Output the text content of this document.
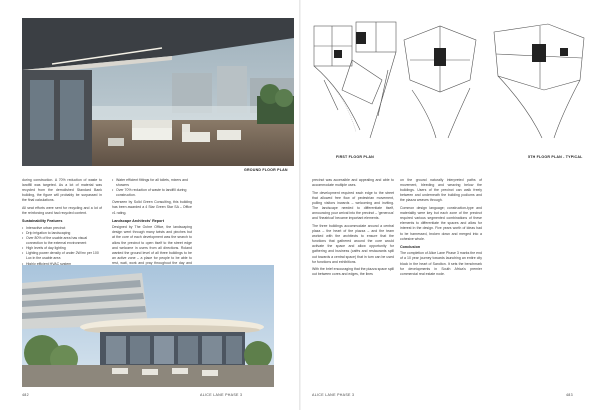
during construction. A 70% reduction of waste to landfill was targeted. As a lot of material was recycled from the demolished Standard Bank building, the figure will probably be surpassed in the final calculations.

All seat efforts were sent for recycling and a lot of the reinforcing used had recycled content.

Sustainability Features
• Interactive urban precinct
• Drip irrigation to landscaping
• Over 80% of the usable area has visual connection to the external environment
• High levels of day lighting
• Lighting power density of under 2W/m² per 100 Lux in the usable area
• Highly efficient HVAC system
•
•
• Water efficient fittings for all toilets, mixers and showers
• Over 70% reduction of waste to landfill during construction.

Overseen by Solid Green Consulting, this building has been awarded a 4 Star Green Star SA – Office v1 rating.

Landscape Architects' Report

Designed by The Ochre Office, the landscaping design went through many twists and pinches but at the core of each development was the search to allow the precinct to open itself to the street edge and welcome in users from all directions. Roland wanted the ground level of all three buildings to be an active zone – a place for people to be able to rest, wait, work and pray throughout the day and

482	ALICE LANE PHASE 3
FIRST FLOOR PLAN	5TH FLOOR PLAN - TYPICAL
GROUND FLOOR PLAN

precinct was accessible and appealing and able to accommodate multiple uses.

The development required each edge to the street that allowed free flow of pedestrian movement, pulling visitors inwards – welcoming and inviting. The landscape needed to differentiate itself, announcing your arrival into the precinct – 'generous' and 'theatrical' became important elements.

The three buildings accommodate around a central plaza – the heart of the piazza – and the team worked with the architects to ensure that the functions that gathered around the core would activate the space and allow opportunity for gathering and business (cafés and restaurants spill out towards a central space) that in turn can be used for functions and exhibitions.

With the brief encouraging that the piazza space spill out between cores and edges, the lines

on the ground naturally interpreted paths of movement, bleeding and weaving below the buildings. Users of the precinct can walk freely between and underneath the building podiums and the piazza weaves through.

Common design language; construction-type and materiality were key but each zone of the precinct required various segmented combinations of these elements to differentiate the spaces and allow for interest in the design. Five years worth of ideas had to be harnessed, broken down and merged into a cohesive whole.

Conclusion

The completion of Alice Lane Phase 3 marks the end of a 10 year journey towards launching an entire city block in the heart of Sandton. It sets the benchmark for developments in South Africa's premier commercial real estate node.

ALICE LANE PHASE 3	483
